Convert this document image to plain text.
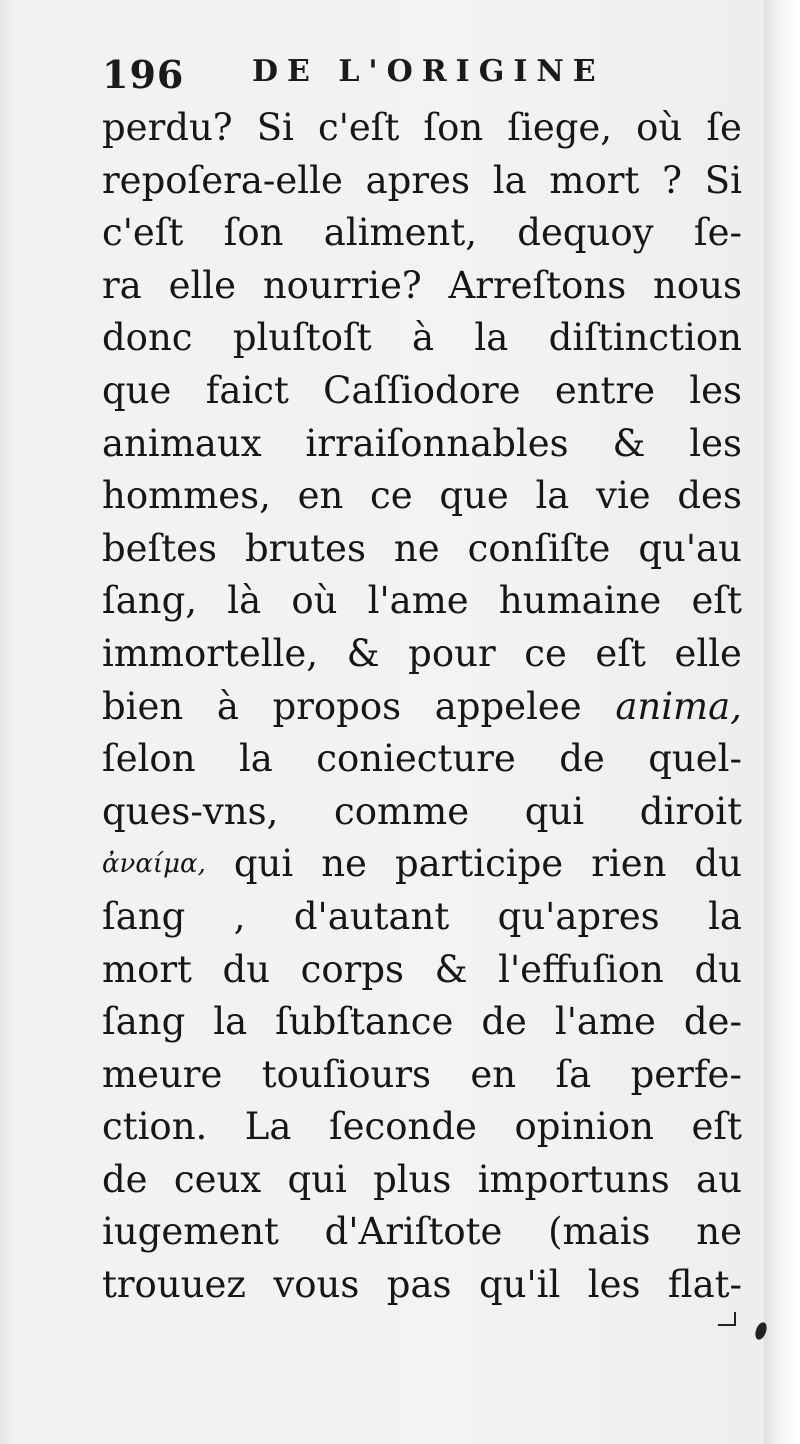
196 DE L'ORIGINE
perdu? Si c'eſt ſon ſiege, où ſe
repoſera-elle apres la mort ? Si
c'eſt ſon aliment, dequoy ſe-
ra elle nourrie? Arreſtons nous
donc pluſtoſt à la diſtinction
que faict Caſſiodore entre les
animaux irraiſonnables & les
hommes, en ce que la vie des
beſtes brutes ne conſiſte qu'au
ſang, là où l'ame humaine eſt
immortelle, & pour ce eſt elle
bien à propos appelee anima,
ſelon la coniecture de quel-
ques-vns, comme qui diroit
ἀναίμα, qui ne participe rien du
ſang , d'autant qu'apres la
mort du corps & l'effuſion du
ſang la ſubſtance de l'ame de-
meure touſiours en ſa perfe-
ction. La ſeconde opinion eſt
de ceux qui plus importuns au
iugement d'Ariſtote (mais ne
trouuez vous pas qu'il les flat-
